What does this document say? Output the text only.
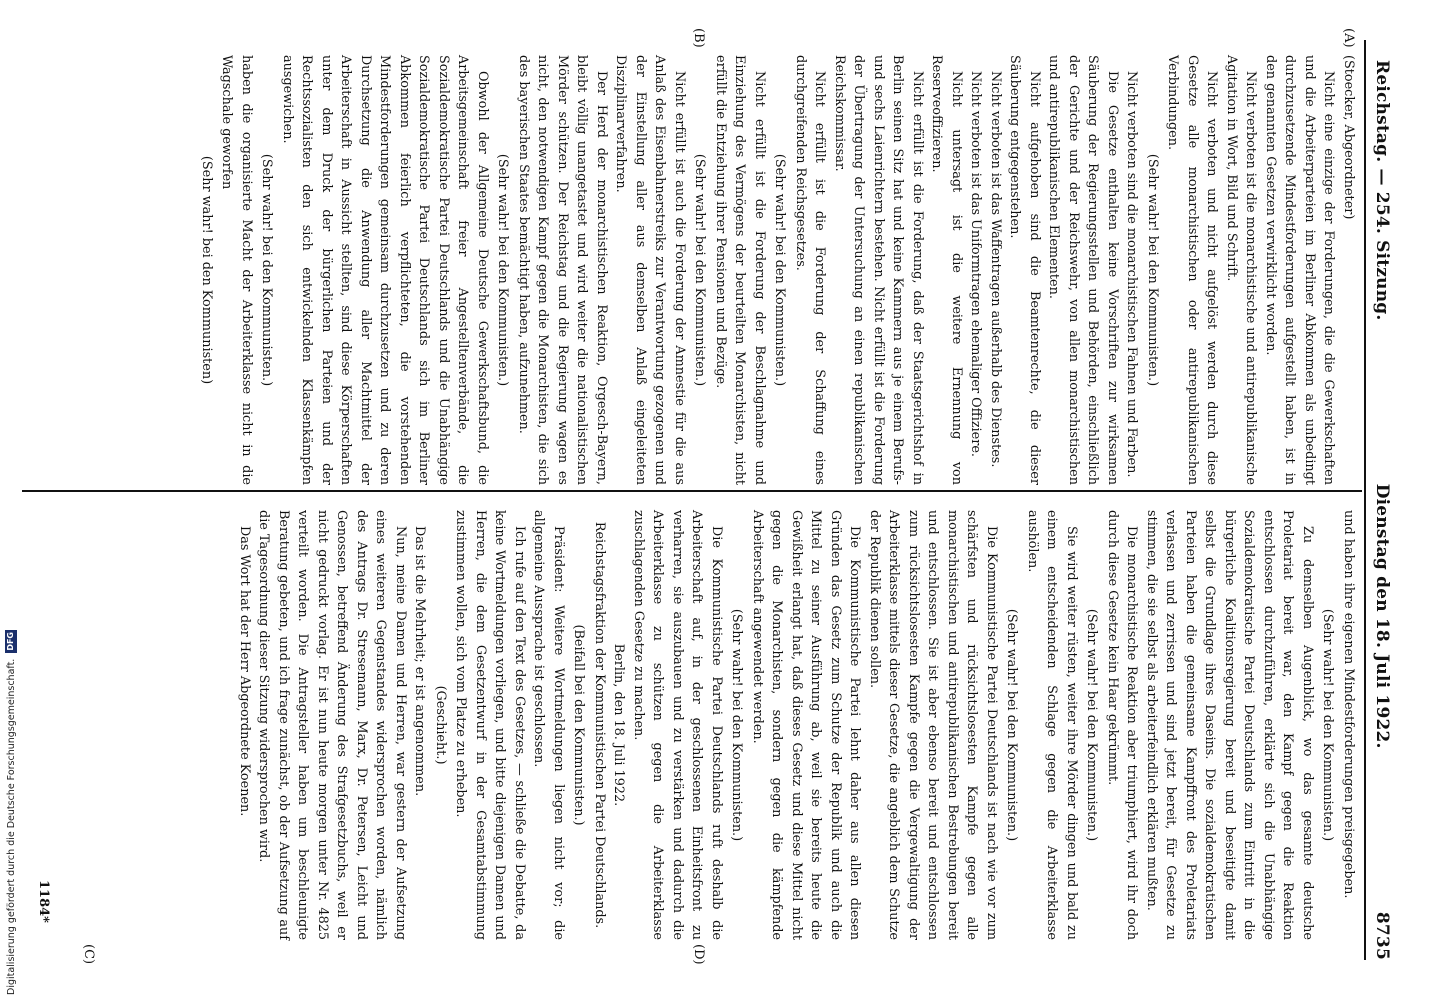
Reichstag. — 254. Sitzung.
Dienstag den 18. Juli 1922.
8735
(A)
(B)
(C)	(D)

(Stoecker, Abgeordneter)

Nicht eine einzige der Forderungen, die die Gewerkschaften und die Arbeiterparteien im Berliner Abkommen als unbedingt durchzusetzende Mindestforderungen aufgestellt haben, ist in den genannten Gesetzen verwirklicht worden.

Nicht verboten ist die monarchistische und antirepublikanische Agitation in Wort, Bild und Schrift.

Nicht verboten und nicht aufgelöst werden durch diese Gesetze alle monarchistischen oder antirepublikanischen Verbindungen.

(Sehr wahr! bei den Kommunisten.)

Nicht verboten sind die monarchistischen Fahnen und Farben.

Die Gesetze enthalten keine Vorschriften zur wirksamen Säuberung der Regierungsstellen und Behörden, einschließlich der Gerichte und der Reichswehr, von allen monarchistischen und antirepublikanischen Elementen.

Nicht aufgehoben sind die Beamtenrechte, die dieser Säuberung entgegenstehen.

Nicht verboten ist das Waffentragen außerhalb des Dienstes.

Nicht verboten ist das Uniformtragen ehemaliger Offiziere.

Nicht untersagt ist die weitere Ernennung von Reserveoffizieren.

Nicht erfüllt ist die Forderung, daß der Staatsgerichtshof in Berlin seinen Sitz hat und keine Kammern aus je einem Berufs- und sechs Laienrichtern bestehen. Nicht erfüllt ist die Forderung der Übertragung der Untersuchung an einen republikanischen Reichskommissar.

Nicht erfüllt ist die Forderung der Schaffung eines durchgreifenden Reichsgesetzes.

(Sehr wahr! bei den Kommunisten.)

Nicht erfüllt ist die Forderung der Beschlagnahme und Einziehung des Vermögens der beurteilten Monarchisten, nicht erfüllt die Entziehung ihrer Pensionen und Bezüge.

(Sehr wahr! bei den Kommunisten.)

Nicht erfüllt ist auch die Forderung der Amnestie für die aus Anlaß des Eisenbahnerstreiks zur Verantwortung gezogenen und der Einstellung aller aus demselben Anlaß eingeleiteten Disziplinarverfahren.

Der Herd der monarchistischen Reaktion, Orgesch-Bayern, bleibt völlig unangetastet und wird weiter die nationalistischen Mörder schützen. Der Reichstag und die Regierung wagen es nicht, den notwendigen Kampf gegen die Monarchisten, die sich des bayerischen Staates bemächtigt haben, aufzunehmen.

(Sehr wahr! bei den Kommunisten.)

Obwohl der Allgemeine Deutsche Gewerkschaftsbund, die Arbeitsgemeinschaft freier Angestelltenverbände, die Sozialdemokratische Partei Deutschlands und die Unabhängige Sozialdemokratische Partei Deutschlands sich im Berliner Abkommen feierlich verpflichteten, die vorstehenden Mindestforderungen gemeinsam durchzusetzen und zu deren Durchsetzung die Anwendung aller Machtmittel der Arbeiterschaft in Aussicht stellten, sind diese Körperschaften unter dem Druck der bürgerlichen Parteien und der Rechtssozialisten den sich entwickelnden Klassenkämpfen ausgewichen.

(Sehr wahr! bei den Kommunisten.)

haben die organisierte Macht der Arbeiterklasse nicht in die Wagschale geworfen

(Sehr wahr! bei den Kommunisten)

und haben ihre eigenen Mindestforderungen preisgegeben.

(Sehr wahr! bei den Kommunisten.)

Zu demselben Augenblick, wo das gesamte deutsche Proletariat bereit war, den Kampf gegen die Reaktion entschlossen durchzuführen, erklärte sich die Unabhängige Sozialdemokratische Partei Deutschlands zum Eintritt in die bürgerliche Koalitionsregierung bereit und beseitigte damit selbst die Grundlage ihres Daseins. Die sozialdemokratischen Parteien haben die gemeinsame Kampffront des Proletariats verlassen und zerrissen und sind jetzt bereit, für Gesetze zu stimmen, die sie selbst als arbeiterfeindlich erklären mußten.

Die monarchistische Reaktion aber triumphiert, wird ihr doch durch diese Gesetze kein Haar gekrümmt.

(Sehr wahr! bei den Kommunisten.)

Sie wird weiter rüsten, weiter ihre Mörder dingen und bald zu einem entscheidenden Schlage gegen die Arbeiterklasse aushölen.

(Sehr wahr! bei den Kommunisten.)

Die Kommunistische Partei Deutschlands ist nach wie vor zum schärfsten und rücksichtslosesten Kampfe gegen alle monarchistischen und antirepublikanischen Bestrebungen bereit und entschlossen. Sie ist aber ebenso bereit und entschlossen zum rücksichtslosesten Kampfe gegen die Vergewaltigung der Arbeiterklasse mittels dieser Gesetze, die angeblich dem Schutze der Republik dienen sollen.

Die Kommunistische Partei lehnt daher aus allen diesen Gründen das Gesetz zum Schutze der Republik und auch die Mittel zu seiner Ausführung ab, weil sie bereits heute die Gewißheit erlangt hat, daß dieses Gesetz und diese Mittel nicht gegen die Monarchisten, sondern gegen die kämpfende Arbeiterschaft angewendet werden.

(Sehr wahr! bei den Kommunisten.)

Die Kommunistische Partei Deutschlands ruft deshalb die Arbeiterschaft auf, in der geschlossenen Einheitsfront zu verharren, sie auszubauen und zu verstärken und dadurch die Arbeiterklasse zu schützen gegen die Arbeiterklasse zuschlagenden Gesetze zu machen.

Berlin, den 18. Juli 1922.

Reichstagsfraktion der Kommunistischen Partei Deutschlands.

(Beifall bei den Kommunisten.)

Präsident: Weitere Wortmeldungen liegen nicht vor; die allgemeine Aussprache ist geschlossen.

Ich rufe auf den Text des Gesetzes, — schließe die Debatte, da keine Wortmeldungen vorliegen, und bitte diejenigen Damen und Herren, die dem Gesetzentwurf in der Gesamtabstimmung zustimmen wollen, sich vom Platze zu erheben.

(Geschieht.)

Das ist die Mehrheit; er ist angenommen.

Nun, meine Damen und Herren, war gestern der Aufsetzung eines weiteren Gegenstandes widersprochen worden, nämlich des Antrags Dr. Stresemann, Marx, Dr. Petersen, Leicht und Genossen, betreffend Änderung des Strafgesetzbuchs, weil er nicht gedruckt vorlag. Er ist nun heute morgen unter Nr. 4825 verteilt worden. Die Antragsteller haben um beschleunigte Beratung gebeten, und ich frage zunächst, ob der Aufsetzung auf die Tagesordnung dieser Sitzung widersprochen wird.

Das Wort hat der Herr Abgeordnete Koenen.

1184*
Digitalisierung gefördert durch die Deutsche Forschungsgemeinschaft.
DFG
